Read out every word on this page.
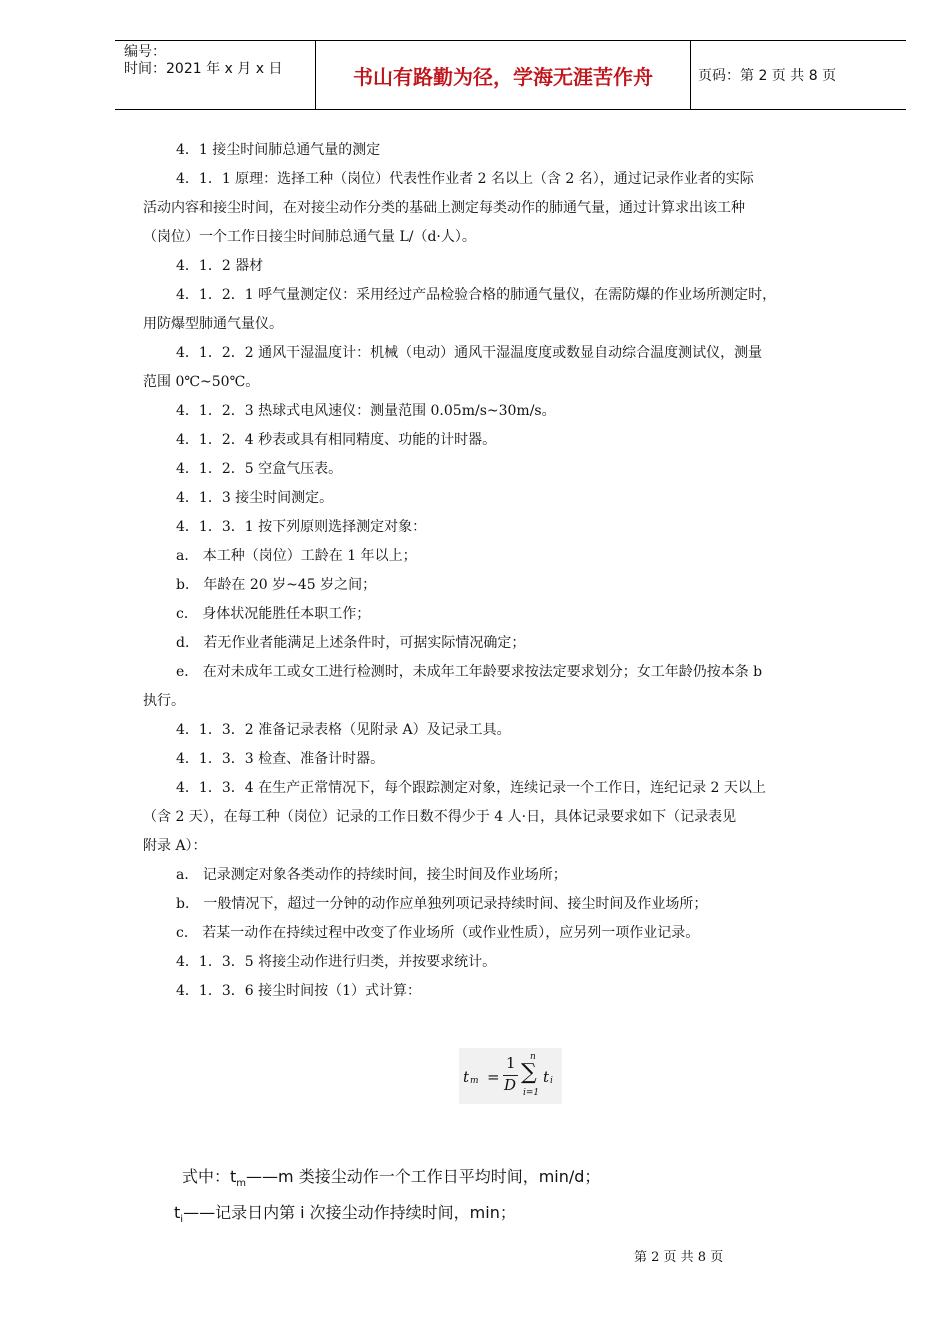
编号：
时间：2021 年 x 月 x 日	书山有路勤为径，学海无涯苦作舟	页码：第 2 页 共 8 页

4．1 接尘时间肺总通气量的测定

4．1．1 原理：选择工种（岗位）代表性作业者 2 名以上（含 2 名），通过记录作业者的实际

活动内容和接尘时间，在对接尘动作分类的基础上测定每类动作的肺通气量，通过计算求出该工种

（岗位）一个工作日接尘时间肺总通气量 L/（d·人）。

4．1．2 器材

4．1．2．1 呼气量测定仪：采用经过产品检验合格的肺通气量仪，在需防爆的作业场所测定时，

用防爆型肺通气量仪。

4．1．2．2 通风干湿温度计：机械（电动）通风干湿温度度或数显自动综合温度测试仪，测量

范围 0℃~50℃。

4．1．2．3 热球式电风速仪：测量范围 0.05m/s~30m/s。

4．1．2．4 秒表或具有相同精度、功能的计时器。

4．1．2．5 空盒气压表。

4．1．3 接尘时间测定。

4．1．3．1 按下列原则选择测定对象：

a． 本工种（岗位）工龄在 1 年以上；

b． 年龄在 20 岁~45 岁之间；

c． 身体状况能胜任本职工作；

d． 若无作业者能满足上述条件时，可据实际情况确定；

e． 在对未成年工或女工进行检测时，未成年工年龄要求按法定要求划分；女工年龄仍按本条 b

执行。

4．1．3．2 准备记录表格（见附录 A）及记录工具。

4．1．3．3 检查、准备计时器。

4．1．3．4 在生产正常情况下，每个跟踪测定对象，连续记录一个工作日，连纪记录 2 天以上

（含 2 天），在每工种（岗位）记录的工作日数不得少于 4 人·日，具体记录要求如下（记录表见

附录 A）：

a． 记录测定对象各类动作的持续时间，接尘时间及作业场所；

b． 一般情况下，超过一分钟的动作应单独列项记录持续时间、接尘时间及作业场所；

c． 若某一动作在持续过程中改变了作业场所（或作业性质），应另列一项作业记录。

4．1．3．5 将接尘动作进行归类，并按要求统计。

4．1．3．6 接尘时间按（1）式计算：

t m =
1
D
n
∑
i=1
t i
式中：$t_m——m$ 类接尘动作一个工作日平均时间，min/d；
$t_i——$记录日内第 i 次接尘动作持续时间，min；
第 2 页 共 8 页
